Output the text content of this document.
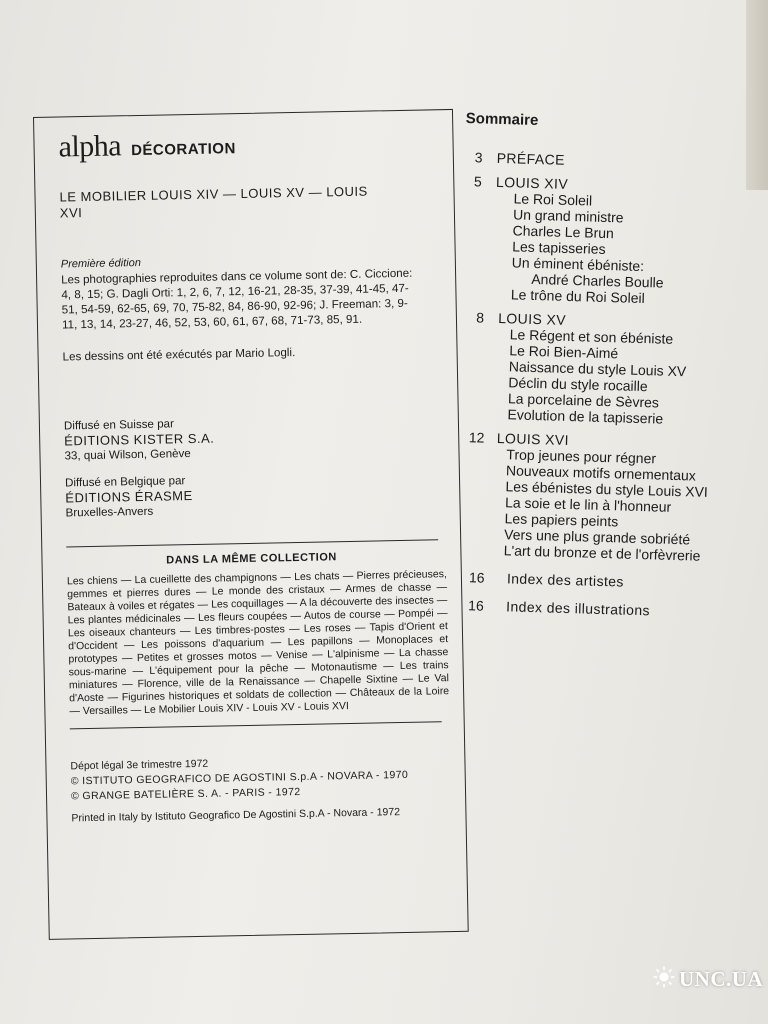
alpha DÉCORATION
LE MOBILIER LOUIS XIV — LOUIS XV — LOUIS XVI
Première édition
Les photographies reproduites dans ce volume sont de: C. Ciccione: 4, 8, 15; G. Dagli Orti: 1, 2, 6, 7, 12, 16-21, 28-35, 37-39, 41-45, 47-51, 54-59, 62-65, 69, 70, 75-82, 84, 86-90, 92-96; J. Freeman: 3, 9-11, 13, 14, 23-27, 46, 52, 53, 60, 61, 67, 68, 71-73, 85, 91.
Les dessins ont été exécutés par Mario Logli.
Diffusé en Suisse par
ÉDITIONS KISTER S.A.
33, quai Wilson, Genève
Diffusé en Belgique par
ÉDITIONS ÉRASME
Bruxelles-Anvers
DANS LA MÊME COLLECTION
Les chiens — La cueillette des champignons — Les chats — Pierres précieuses, gemmes et pierres dures — Le monde des cristaux — Armes de chasse — Bateaux à voiles et régates — Les coquillages — A la découverte des insectes — Les plantes médicinales — Les fleurs coupées — Autos de course — Pompéi — Les oiseaux chanteurs — Les timbres-postes — Les roses — Tapis d'Orient et d'Occident — Les poissons d'aquarium — Les papillons — Monoplaces et prototypes — Petites et grosses motos — Venise — L'alpinisme — La chasse sous-marine — L'équipement pour la pêche — Motonautisme — Les trains miniatures — Florence, ville de la Renaissance — Chapelle Sixtine — Le Val d'Aoste — Figurines historiques et soldats de collection — Châteaux de la Loire — Versailles — Le Mobilier Louis XIV - Louis XV - Louis XVI
Dépot légal 3e trimestre 1972
© ISTITUTO GEOGRAFICO DE AGOSTINI S.p.A - NOVARA - 1970
© GRANGE BATELIÈRE S. A. - PARIS - 1972
Printed in Italy by Istituto Geografico De Agostini S.p.A - Novara - 1972
Sommaire
3 PRÉFACE
5 LOUIS XIV
Le Roi Soleil
Un grand ministre
Charles Le Brun
Les tapisseries
Un éminent ébéniste:
André Charles Boulle
Le trône du Roi Soleil
8 LOUIS XV
Le Régent et son ébéniste
Le Roi Bien-Aimé
Naissance du style Louis XV
Déclin du style rocaille
La porcelaine de Sèvres
Evolution de la tapisserie
12 LOUIS XVI
Trop jeunes pour régner
Nouveaux motifs ornementaux
Les ébénistes du style Louis XVI
La soie et le lin à l'honneur
Les papiers peints
Vers une plus grande sobriété
L'art du bronze et de l'orfèvrerie
16	Index des artistes
16	Index des illustrations
UNC.UA
